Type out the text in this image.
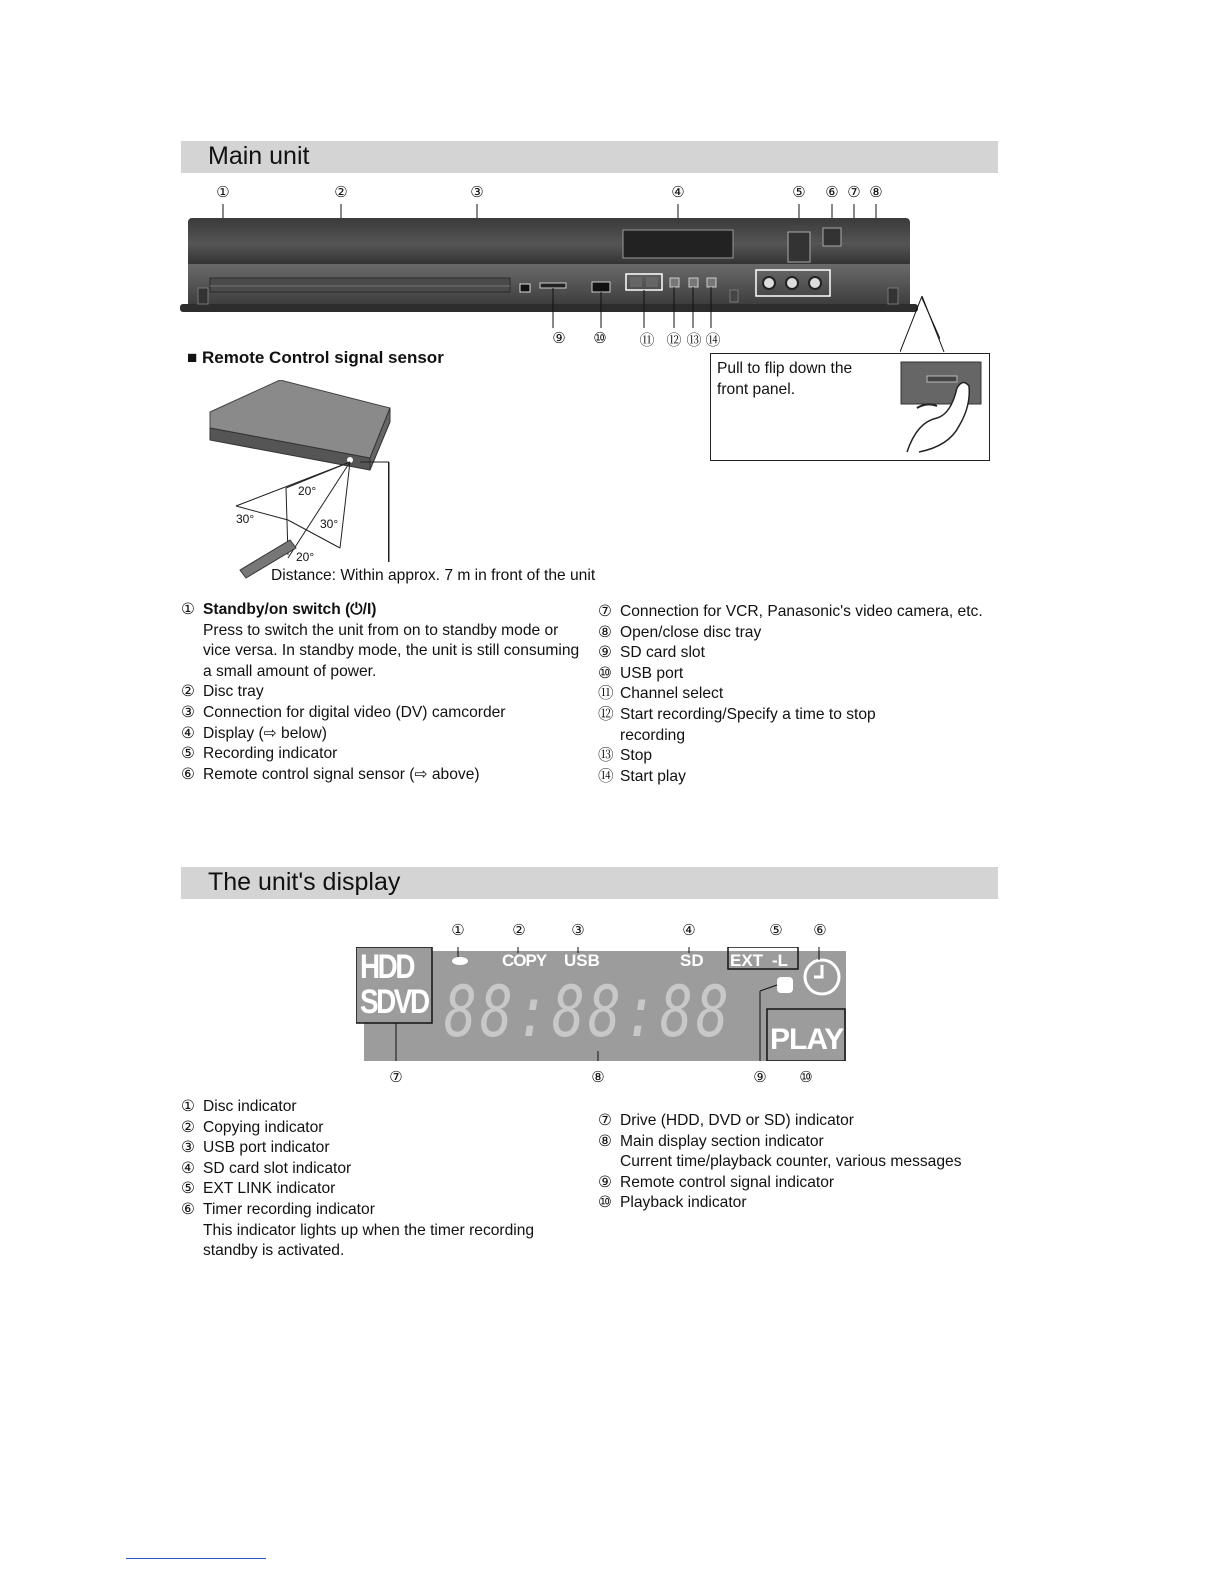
Main unit
①	②	③	④	⑤ ⑥ ⑦ ⑧
⑨ ⑩ ⑪ ⑫ ⑬ ⑭
■ Remote Control signal sensor
20°
30°	30°
20°
Distance: Within approx. 7 m in front of the unit
Pull to flip down the front panel.
① Standby/on switch (⏻/I)
Press to switch the unit from on to standby mode or vice versa. In standby mode, the unit is still consuming a small amount of power.
② Disc tray
③ Connection for digital video (DV) camcorder
④ Display (⇨ below)
⑤ Recording indicator
⑥ Remote control signal sensor (⇨ above)
⑦ Connection for VCR, Panasonic's video camera, etc.
⑧ Open/close disc tray
⑨ SD card slot
⑩ USB port
⑪ Channel select
⑫ Start recording/Specify a time to stop recording
⑬ Stop
⑭ Start play
The unit's display
①	②	③	④	⑤ ⑥
HDD
SDVD
COPY USB	SD EXT -L
88:88:88 PLAY
⑦	⑧	⑨ ⑩
① Disc indicator
② Copying indicator
③ USB port indicator
④ SD card slot indicator
⑤ EXT LINK indicator
⑥ Timer recording indicator
This indicator lights up when the timer recording standby is activated.
⑦ Drive (HDD, DVD or SD) indicator
⑧ Main display section indicator
Current time/playback counter, various messages
⑨ Remote control signal indicator
⑩ Playback indicator
